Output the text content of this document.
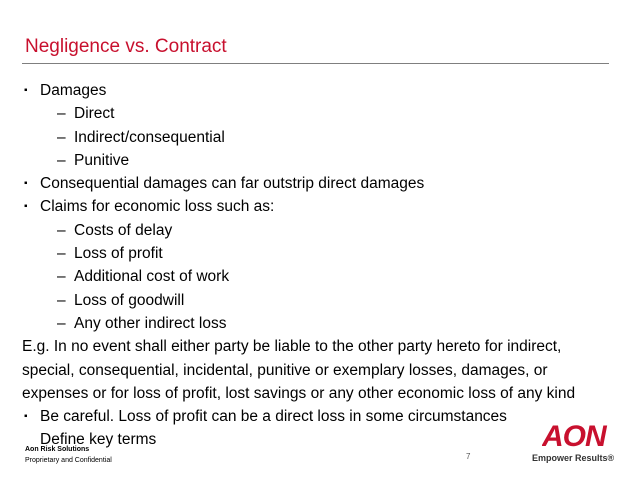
Negligence vs. Contract
▪ Damages
– Direct
– Indirect/consequential
– Punitive
▪ Consequential damages can far outstrip direct damages
▪ Claims for economic loss such as:
– Costs of delay
– Loss of profit
– Additional cost of work
– Loss of goodwill
– Any other indirect loss
E.g. In no event shall either party be liable to the other party hereto for indirect,
special, consequential, incidental, punitive or exemplary losses, damages, or
expenses or for loss of profit, lost savings or any other economic loss of any kind
▪ Be careful. Loss of profit can be a direct loss in some circumstances
Define key terms
Aon Risk Solutions
Proprietary and Confidential	7
AON
Empower Results®
